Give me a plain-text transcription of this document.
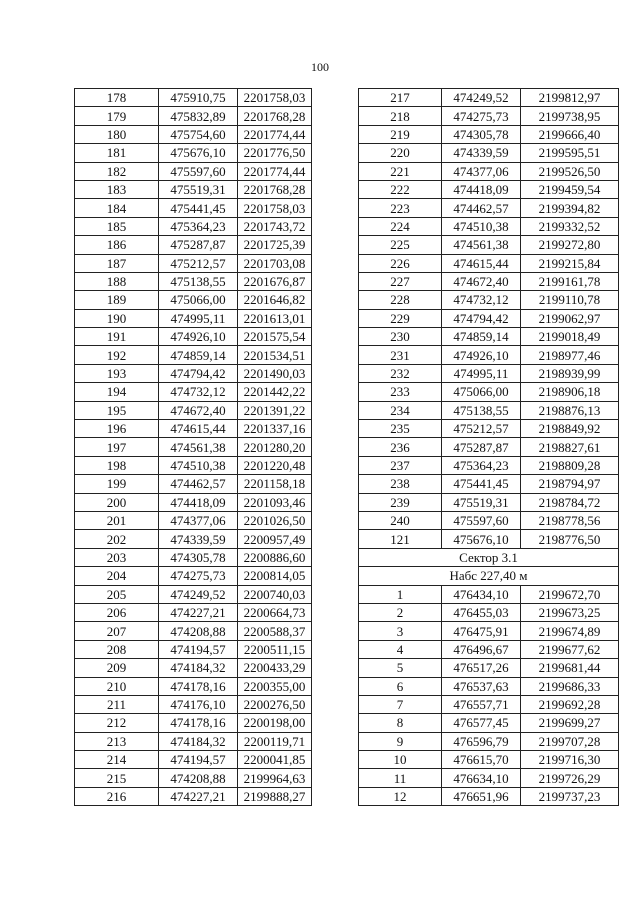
100
178	475910,75	2201758,03
179	475832,89	2201768,28
180	475754,60	2201774,44
181	475676,10	2201776,50
182	475597,60	2201774,44
183	475519,31	2201768,28
184	475441,45	2201758,03
185	475364,23	2201743,72
186	475287,87	2201725,39
187	475212,57	2201703,08
188	475138,55	2201676,87
189	475066,00	2201646,82
190	474995,11	2201613,01
191	474926,10	2201575,54
192	474859,14	2201534,51
193	474794,42	2201490,03
194	474732,12	2201442,22
195	474672,40	2201391,22
196	474615,44	2201337,16
197	474561,38	2201280,20
198	474510,38	2201220,48
199	474462,57	2201158,18
200	474418,09	2201093,46
201	474377,06	2201026,50
202	474339,59	2200957,49
203	474305,78	2200886,60
204	474275,73	2200814,05
205	474249,52	2200740,03
206	474227,21	2200664,73
207	474208,88	2200588,37
208	474194,57	2200511,15
209	474184,32	2200433,29
210	474178,16	2200355,00
211	474176,10	2200276,50
212	474178,16	2200198,00
213	474184,32	2200119,71
214	474194,57	2200041,85
215	474208,88	2199964,63
216	474227,21	2199888,27
217	474249,52	2199812,97
218	474275,73	2199738,95
219	474305,78	2199666,40
220	474339,59	2199595,51
221	474377,06	2199526,50
222	474418,09	2199459,54
223	474462,57	2199394,82
224	474510,38	2199332,52
225	474561,38	2199272,80
226	474615,44	2199215,84
227	474672,40	2199161,78
228	474732,12	2199110,78
229	474794,42	2199062,97
230	474859,14	2199018,49
231	474926,10	2198977,46
232	474995,11	2198939,99
233	475066,00	2198906,18
234	475138,55	2198876,13
235	475212,57	2198849,92
236	475287,87	2198827,61
237	475364,23	2198809,28
238	475441,45	2198794,97
239	475519,31	2198784,72
240	475597,60	2198778,56
121	475676,10	2198776,50
Сектор 3.1		
Набс 227,40 м		
1	476434,10	2199672,70
2	476455,03	2199673,25
3	476475,91	2199674,89
4	476496,67	2199677,62
5	476517,26	2199681,44
6	476537,63	2199686,33
7	476557,71	2199692,28
8	476577,45	2199699,27
9	476596,79	2199707,28
10	476615,70	2199716,30
11	476634,10	2199726,29
12	476651,96	2199737,23
